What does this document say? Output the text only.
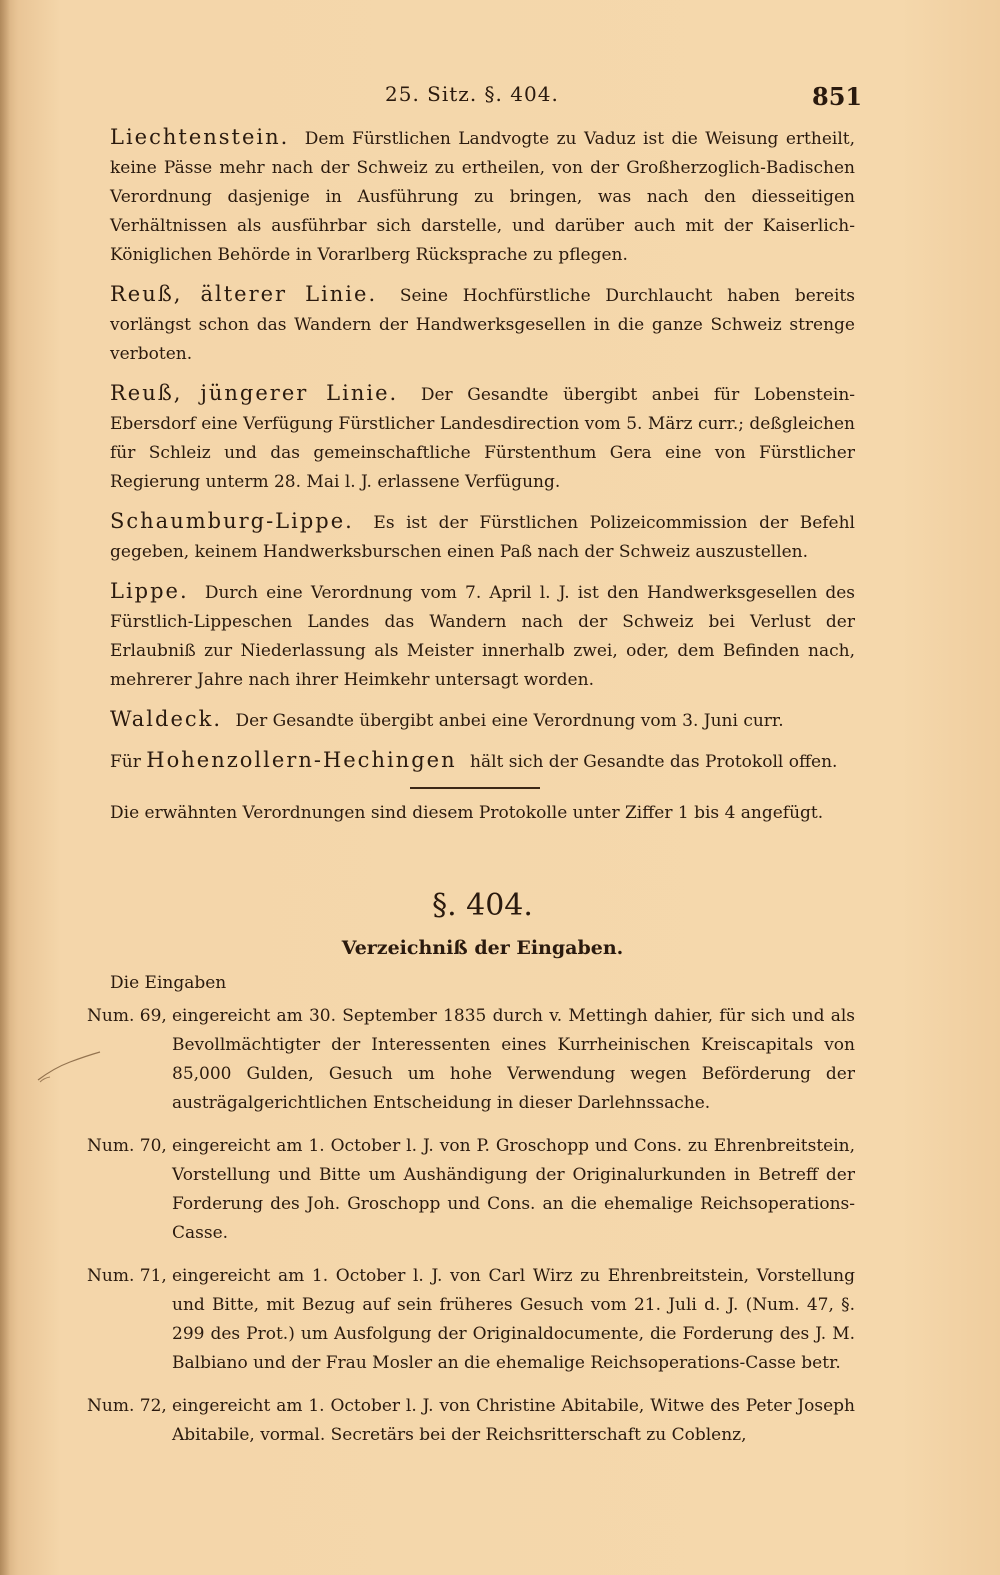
25. Sitz. §. 404.	851

Liechtenstein. Dem Fürstlichen Landvogte zu Vaduz ist die Weisung ertheilt, keine Pässe mehr nach der Schweiz zu ertheilen, von der Großherzoglich-Badischen Verordnung dasjenige in Ausführung zu bringen, was nach den diesseitigen Verhältnissen als ausführbar sich darstelle, und darüber auch mit der Kaiserlich-Königlichen Behörde in Vorarlberg Rücksprache zu pflegen.

Reuß, älterer Linie. Seine Hochfürstliche Durchlaucht haben bereits vorlängst schon das Wandern der Handwerksgesellen in die ganze Schweiz strenge verboten.

Reuß, jüngerer Linie. Der Gesandte übergibt anbei für Lobenstein-Ebersdorf eine Verfügung Fürstlicher Landesdirection vom 5. März curr.; deßgleichen für Schleiz und das gemeinschaftliche Fürstenthum Gera eine von Fürstlicher Regierung unterm 28. Mai l. J. erlassene Verfügung.

Schaumburg-Lippe. Es ist der Fürstlichen Polizeicommission der Befehl gegeben, keinem Handwerksburschen einen Paß nach der Schweiz auszustellen.

Lippe. Durch eine Verordnung vom 7. April l. J. ist den Handwerksgesellen des Fürstlich-Lippeschen Landes das Wandern nach der Schweiz bei Verlust der Erlaubniß zur Niederlassung als Meister innerhalb zwei, oder, dem Befinden nach, mehrerer Jahre nach ihrer Heimkehr untersagt worden.

Waldeck. Der Gesandte übergibt anbei eine Verordnung vom 3. Juni curr.

Für Hohenzollern-Hechingen hält sich der Gesandte das Protokoll offen.

Die erwähnten Verordnungen sind diesem Protokolle unter Ziffer 1 bis 4 angefügt.

§. 404.
Verzeichniß der Eingaben.

Die Eingaben

Num. 69, eingereicht am 30. September 1835 durch v. Mettingh dahier, für sich und als Bevollmächtigter der Interessenten eines Kurrheinischen Kreiscapitals von 85,000 Gulden, Gesuch um hohe Verwendung wegen Beförderung der austrägalgerichtlichen Entscheidung in dieser Darlehnssache.
Num. 70, eingereicht am 1. October l. J. von P. Groschopp und Cons. zu Ehrenbreitstein, Vorstellung und Bitte um Aushändigung der Originalurkunden in Betreff der Forderung des Joh. Groschopp und Cons. an die ehemalige Reichsoperations-Casse.
Num. 71, eingereicht am 1. October l. J. von Carl Wirz zu Ehrenbreitstein, Vorstellung und Bitte, mit Bezug auf sein früheres Gesuch vom 21. Juli d. J. (Num. 47, §. 299 des Prot.) um Ausfolgung der Originaldocumente, die Forderung des J. M. Balbiano und der Frau Mosler an die ehemalige Reichsoperations-Casse betr.
Num. 72, eingereicht am 1. October l. J. von Christine Abitabile, Witwe des Peter Joseph Abitabile, vormal. Secretärs bei der Reichsritterschaft zu Coblenz,
